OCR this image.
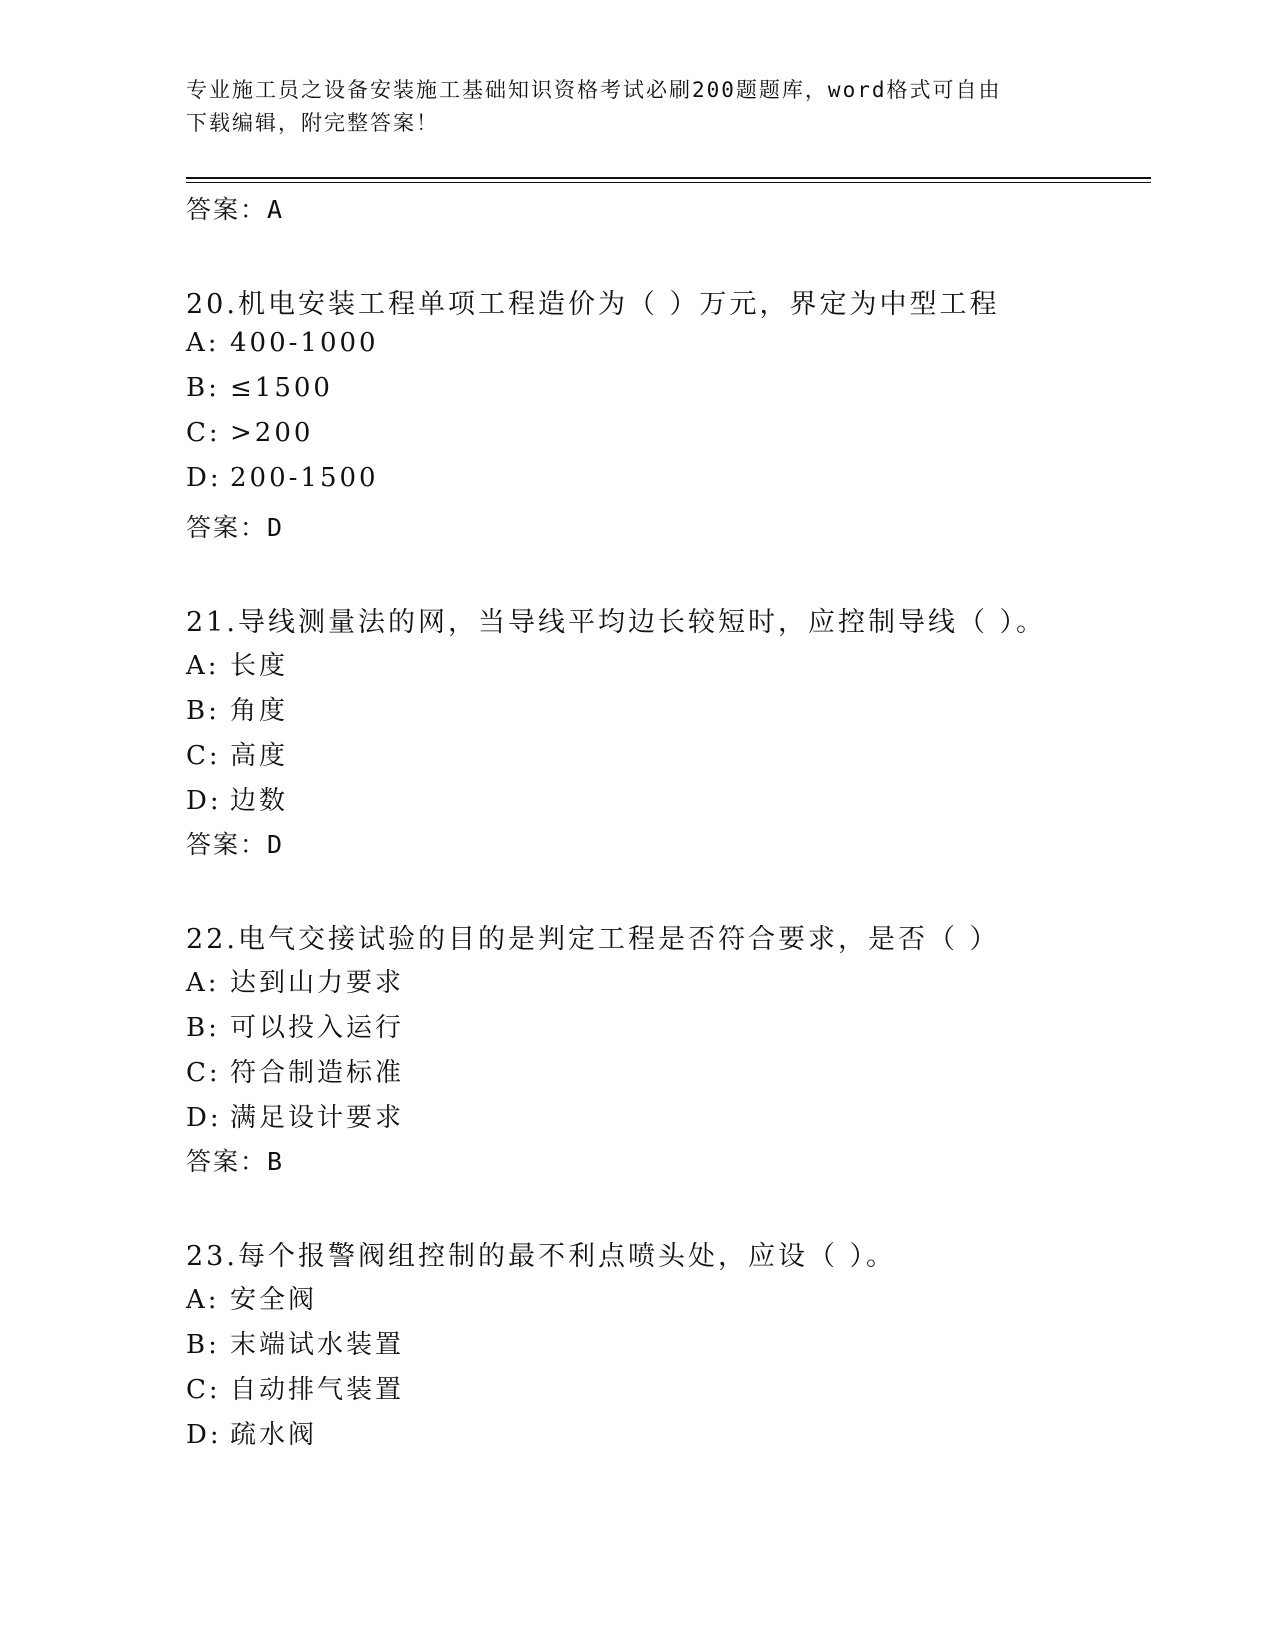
专业施工员之设备安装施工基础知识资格考试必刷200题题库，word格式可自由
下载编辑，附完整答案！
答案：A
20.机电安装工程单项工程造价为（ ）万元，界定为中型工程
A: 400-1000
B: ≤1500
C: >200
D: 200-1500
答案：D
21.导线测量法的网，当导线平均边长较短时，应控制导线（ ）。
A: 长度
B: 角度
C: 高度
D: 边数
答案：D
22.电气交接试验的目的是判定工程是否符合要求，是否（ ）
A: 达到山力要求
B: 可以投入运行
C: 符合制造标准
D: 满足设计要求
答案：B
23.每个报警阀组控制的最不利点喷头处，应设（ ）。
A: 安全阀
B: 末端试水装置
C: 自动排气装置
D: 疏水阀
